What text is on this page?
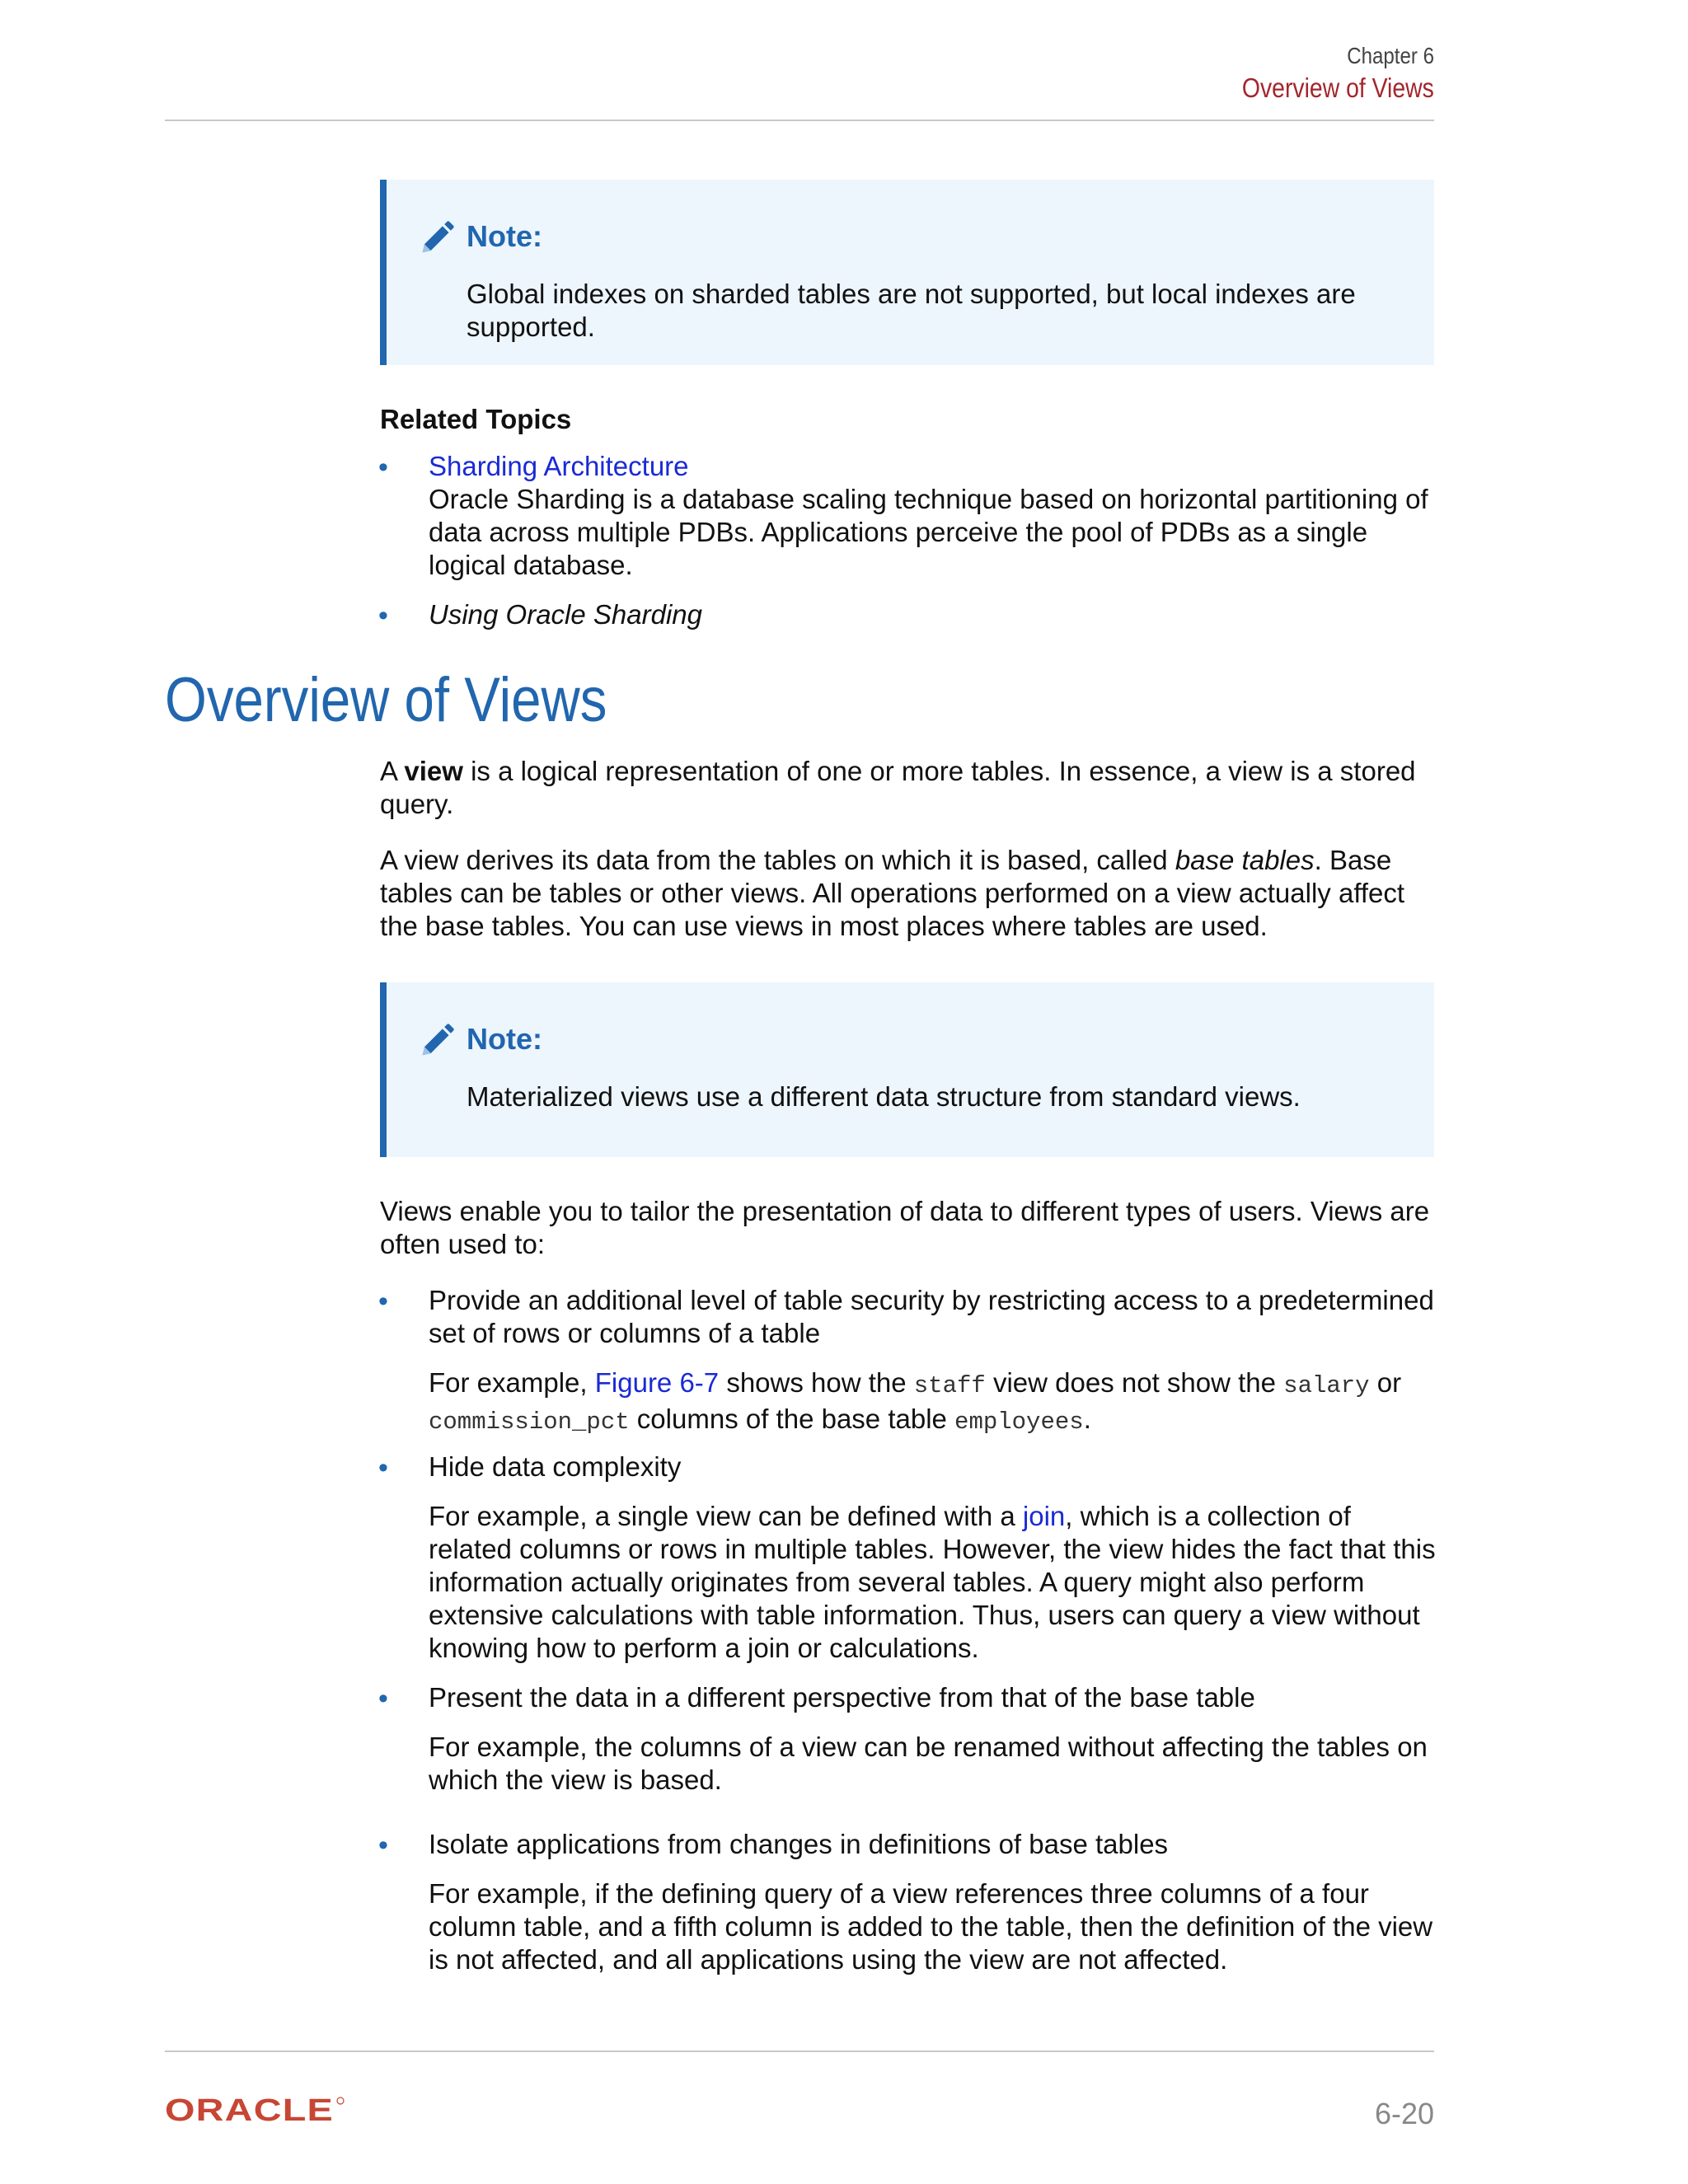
Chapter 6
Overview of Views
Note:
Global indexes on sharded tables are not supported, but local indexes are supported.
Related Topics
• Sharding Architecture
Oracle Sharding is a database scaling technique based on horizontal partitioning of data across multiple PDBs. Applications perceive the pool of PDBs as a single logical database.
• Using Oracle Sharding
Overview of Views
A view is a logical representation of one or more tables. In essence, a view is a stored query.
A view derives its data from the tables on which it is based, called base tables. Base tables can be tables or other views. All operations performed on a view actually affect the base tables. You can use views in most places where tables are used.
Note:
Materialized views use a different data structure from standard views.
Views enable you to tailor the presentation of data to different types of users. Views are often used to:
• Provide an additional level of table security by restricting access to a predetermined set of rows or columns of a table
For example, Figure 6-7 shows how the staff view does not show the salary or commission_pct columns of the base table employees.
• Hide data complexity
For example, a single view can be defined with a join, which is a collection of related columns or rows in multiple tables. However, the view hides the fact that this information actually originates from several tables. A query might also perform extensive calculations with table information. Thus, users can query a view without knowing how to perform a join or calculations.
• Present the data in a different perspective from that of the base table
For example, the columns of a view can be renamed without affecting the tables on which the view is based.
• Isolate applications from changes in definitions of base tables
For example, if the defining query of a view references three columns of a four column table, and a fifth column is added to the table, then the definition of the view is not affected, and all applications using the view are not affected.
ORACLE	6-20
